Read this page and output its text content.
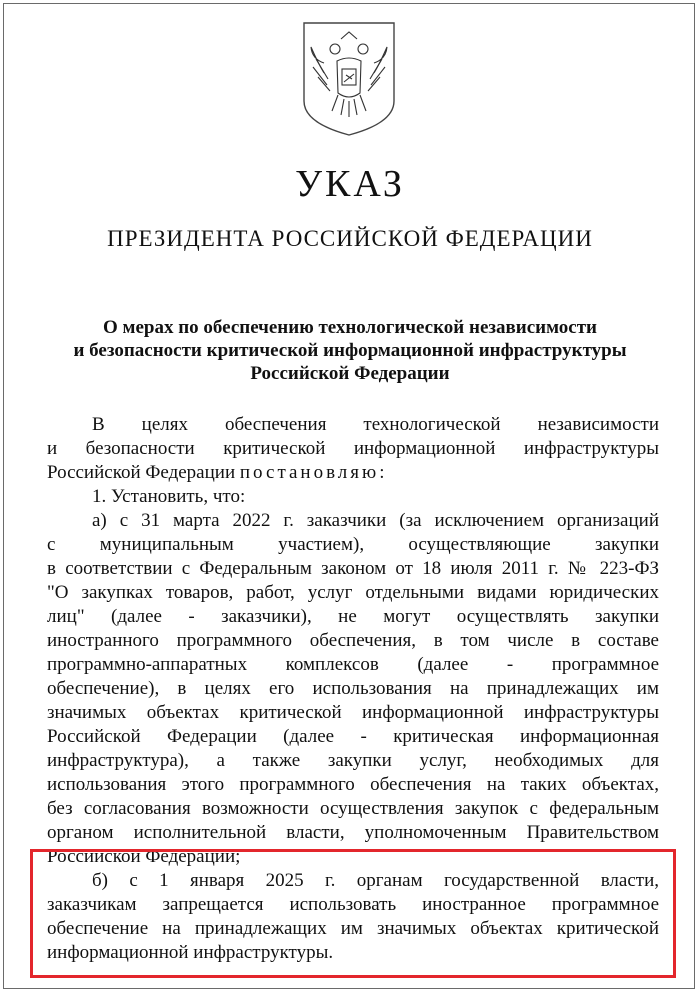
УКАЗ
ПРЕЗИДЕНТА РОССИЙСКОЙ ФЕДЕРАЦИИ
О мерах по обеспечению технологической независимости
и безопасности критической информационной инфраструктуры
Российской Федерации
В целях обеспечения технологической независимости
и безопасности критической информационной инфраструктуры
Российской Федерации постановляю:
1. Установить, что:
а) с 31 марта 2022 г. заказчики (за исключением организаций
с муниципальным участием), осуществляющие закупки
в соответствии с Федеральным законом от 18 июля 2011 г. № 223-ФЗ
"О закупках товаров, работ, услуг отдельными видами юридических
лиц" (далее - заказчики), не могут осуществлять закупки
иностранного программного обеспечения, в том числе в составе
программно-аппаратных комплексов (далее - программное
обеспечение), в целях его использования на принадлежащих им
значимых объектах критической информационной инфраструктуры
Российской Федерации (далее - критическая информационная
инфраструктура), а также закупки услуг, необходимых для
использования этого программного обеспечения на таких объектах,
без согласования возможности осуществления закупок с федеральным
органом исполнительной власти, уполномоченным Правительством
Российской Федерации;
б) с 1 января 2025 г. органам государственной власти,
заказчикам запрещается использовать иностранное программное
обеспечение на принадлежащих им значимых объектах критической
информационной инфраструктуры.
